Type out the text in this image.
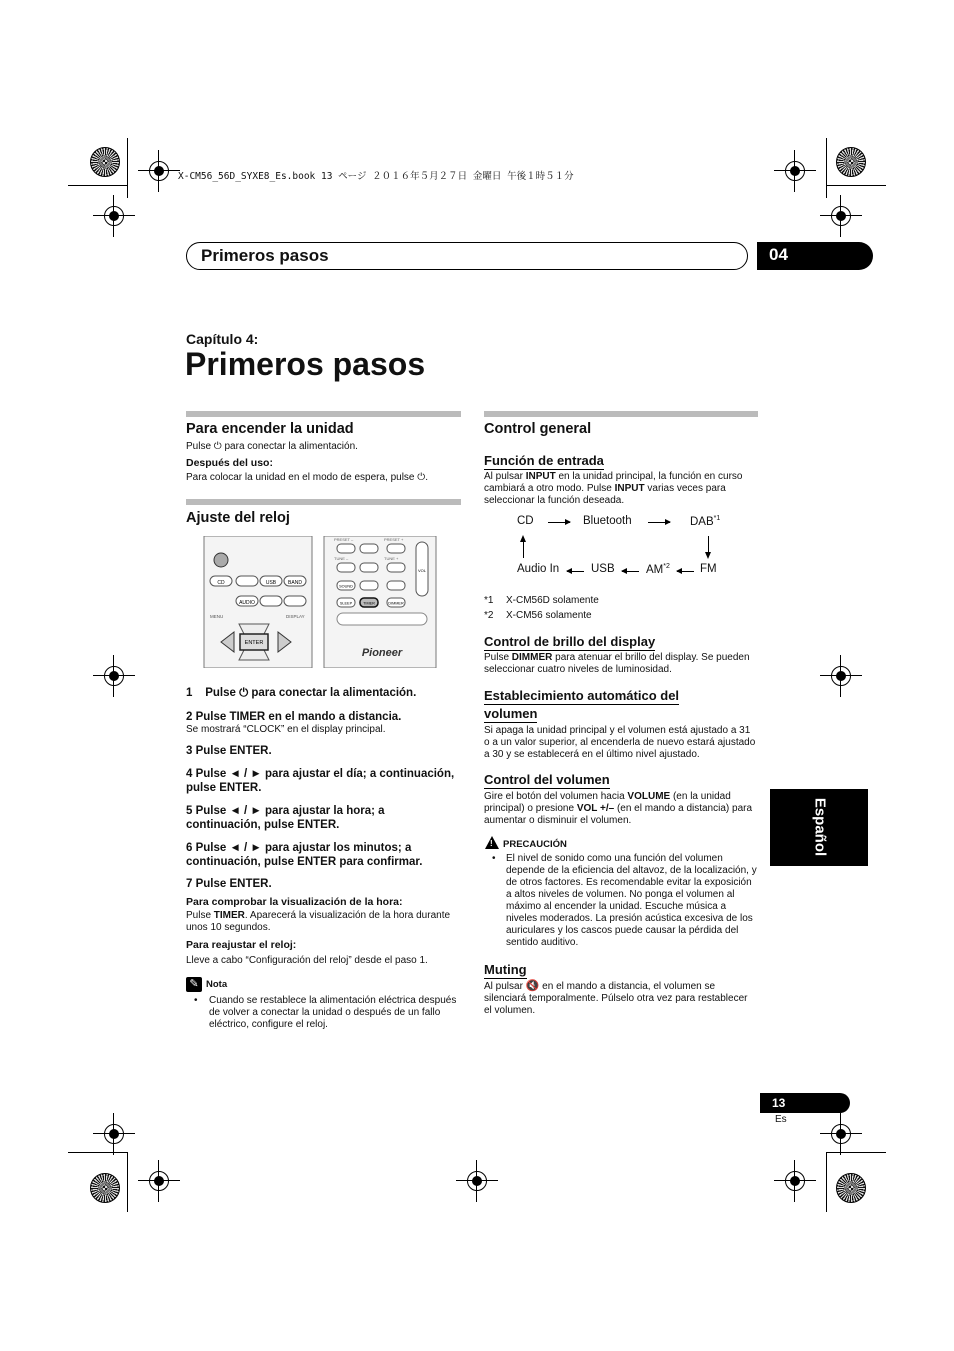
X-CM56_56D_SYXE8_Es.book 13 ページ ２０１６年５月２７日 金曜日 午後１時５１分
Primeros pasos	04
Capítulo 4:
Primeros pasos
Español
Para encender la unidad
Pulse ⏻ para conectar la alimentación.
Después del uso:
Para colocar la unidad en el modo de espera, pulse ⏻.
Ajuste del reloj
CD	USB BAND
AUDIO
MENU	DISPLAY
ENTER
PRESET –	PRESET +
TUNE –	TUNE +
VOL
SOUND
SLEEP	TIMER	DIMMER
Pioneer
1 Pulse ⏻ para conectar la alimentación.
2 Pulse TIMER en el mando a distancia.
Se mostrará “CLOCK” en el display principal.
3 Pulse ENTER.
4 Pulse ◄ / ► para ajustar el día; a continuación, pulse ENTER.
5 Pulse ◄ / ► para ajustar la hora; a continuación, pulse ENTER.
6 Pulse ◄ / ► para ajustar los minutos; a continuación, pulse ENTER para confirmar.
7 Pulse ENTER.
Para comprobar la visualización de la hora:
Pulse TIMER. Aparecerá la visualización de la hora durante unos 10 segundos.
Para reajustar el reloj:
Lleve a cabo “Configuración del reloj” desde el paso 1.
✎ Nota
• Cuando se restablece la alimentación eléctrica después de volver a conectar la unidad o después de un fallo eléctrico, configure el reloj.
Control general
Función de entrada
Al pulsar INPUT en la unidad principal, la función en curso cambiará a otro modo. Pulse INPUT varias veces para seleccionar la función deseada.
CD	Bluetooth	DAB$^{*1}$
Audio In	USB	AM$^{*2}$	FM
*1 X-CM56D solamente
*2 X-CM56 solamente
Control de brillo del display
Pulse DIMMER para atenuar el brillo del display. Se pueden seleccionar cuatro niveles de luminosidad.
Establecimiento automático del
volumen
Si apaga la unidad principal y el volumen está ajustado a 31 o a un valor superior, al encenderla de nuevo estará ajustado a 30 y se establecerá en el último nivel ajustado.
Control del volumen
Gire el botón del volumen hacia VOLUME (en la unidad principal) o presione VOL +/– (en el mando a distancia) para aumentar o disminuir el volumen.
! PRECAUCIÓN
• El nivel de sonido como una función del volumen depende de la eficiencia del altavoz, de la localización, y de otros factores. Es recomendable evitar la exposición a altos niveles de volumen. No ponga el volumen al máximo al encender la unidad. Escuche música a niveles moderados. La presión acústica excesiva de los auriculares y los cascos puede causar la pérdida del sentido auditivo.
Muting
Al pulsar 🔇 en el mando a distancia, el volumen se silenciará temporalmente. Púlselo otra vez para restablecer el volumen.
13
Es
